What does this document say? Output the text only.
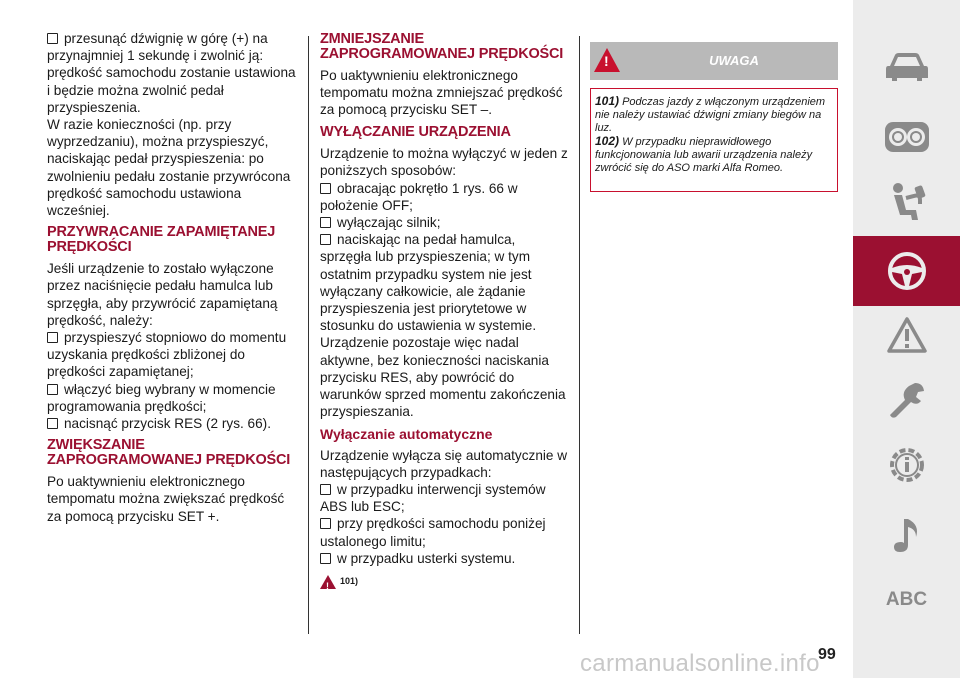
przesunąć dźwignię w górę (+) na przynajmniej 1 sekundę i zwolnić ją: prędkość samochodu zostanie ustawiona i będzie można zwolnić pedał przyspieszenia.

W razie konieczności (np. przy wyprzedzaniu), można przyspieszyć, naciskając pedał przyspieszenia: po zwolnieniu pedału zostanie przywrócona prędkość samochodu ustawiona wcześniej.

PRZYWRACANIE ZAPAMIĘTANEJ PRĘDKOŚCI

Jeśli urządzenie to zostało wyłączone przez naciśnięcie pedału hamulca lub sprzęgła, aby przywrócić zapamiętaną prędkość, należy:

przyspieszyć stopniowo do momentu uzyskania prędkości zbliżonej do prędkości zapamiętanej;

włączyć bieg wybrany w momencie programowania prędkości;

nacisnąć przycisk RES (2 rys. 66).

ZWIĘKSZANIE ZAPROGRAMOWANEJ PRĘDKOŚCI

Po uaktywnieniu elektronicznego tempomatu można zwiększać prędkość za pomocą przycisku SET +.

ZMNIEJSZANIE ZAPROGRAMOWANEJ PRĘDKOŚCI

Po uaktywnieniu elektronicznego tempomatu można zmniejszać prędkość za pomocą przycisku SET –.

WYŁĄCZANIE URZĄDZENIA

Urządzenie to można wyłączyć w jeden z poniższych sposobów:

obracając pokrętło 1 rys. 66 w położenie OFF;

wyłączając silnik;

naciskając na pedał hamulca, sprzęgła lub przyspieszenia; w tym ostatnim przypadku system nie jest wyłączany całkowicie, ale żądanie przyspieszenia jest priorytetowe w stosunku do ustawienia w systemie. Urządzenie pozostaje więc nadal aktywne, bez konieczności naciskania przycisku RES, aby powrócić do warunków sprzed momentu zakończenia przyspieszania.

Wyłączanie automatyczne

Urządzenie wyłącza się automatycznie w następujących przypadkach:

w przypadku interwencji systemów ABS lub ESC;

przy prędkości samochodu poniżej ustalonego limitu;

w przypadku usterki systemu.

! 101)
!	UWAGA
101) Podczas jazdy z włączonym urządzeniem nie należy ustawiać dźwigni zmiany biegów na luz.
102) W przypadku nieprawidłowego funkcjonowania lub awarii urządzenia należy zwrócić się do ASO marki Alfa Romeo.
ABC
99
carmanualsonline.info
